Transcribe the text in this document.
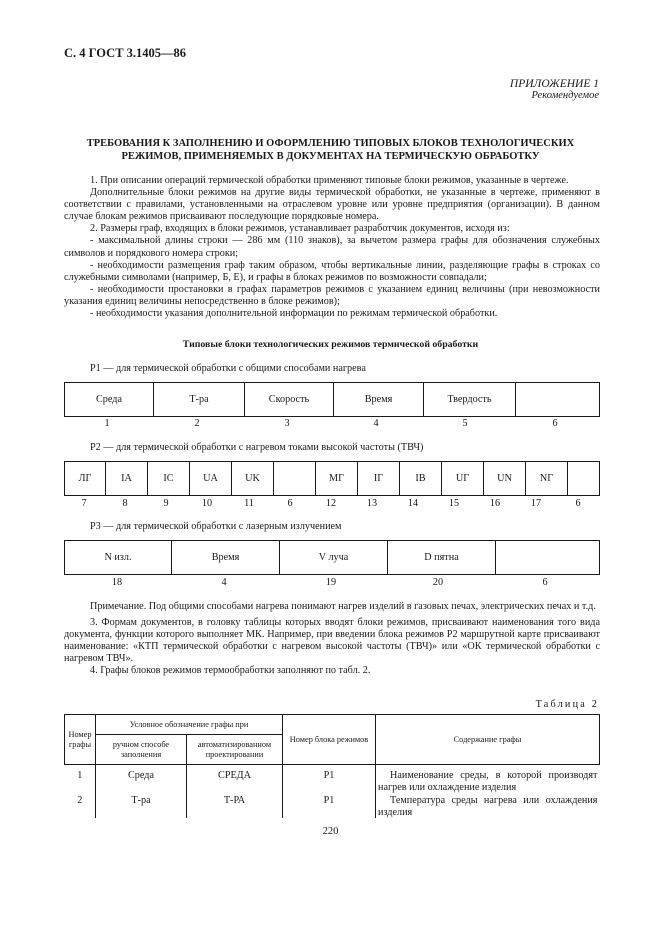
С. 4 ГОСТ 3.1405—86
ПРИЛОЖЕНИЕ 1
Рекомендуемое
ТРЕБОВАНИЯ К ЗАПОЛНЕНИЮ И ОФОРМЛЕНИЮ ТИПОВЫХ БЛОКОВ ТЕХНОЛОГИЧЕСКИХ РЕЖИМОВ, ПРИМЕНЯЕМЫХ В ДОКУМЕНТАХ НА ТЕРМИЧЕСКУЮ ОБРАБОТКУ

1. При описании операций термической обработки применяют типовые блоки режимов, указанные в чертеже.

Дополнительные блоки режимов на другие виды термической обработки, не указанные в чертеже, применяют в соответствии с правилами, установленными на отраслевом уровне или уровне предприятия (организации). В данном случае блокам режимов присваивают последующие порядковые номера.

2. Размеры граф, входящих в блоки режимов, устанавливает разработчик документов, исходя из:

- максимальной длины строки — 286 мм (110 знаков), за вычетом размера графы для обозначения служебных символов и порядкового номера строки;

- необходимости размещения граф таким образом, чтобы вертикальные линии, разделяющие графы в строках со служебными символами (например, Б, Е), и графы в блоках режимов по возможности совпадали;

- необходимости простановки в графах параметров режимов с указанием единиц величины (при невозможности указания единиц величины непосредственно в блоке режимов);

- необходимости указания дополнительной информации по режимам термической обработки.

Типовые блоки технологических режимов термической обработки
Р1 — для термической обработки с общими способами нагрева
Среда	Т-ра	Скорость	Время	Твердость	
1	2	3	4	5	6
Р2 — для термической обработки с нагревом токами высокой частоты (ТВЧ)
ЛГ	IA	IC	UA	UK		МГ	IГ	IB	UГ	UN	NГ	
7	8	9	10	11	6	12	13	14	15	16	17	6
Р3 — для термической обработки с лазерным излучением
N изл.	Время	V луча	D пятна	
18	4	19	20	6

Примечание. Под общими способами нагрева понимают нагрев изделий в газовых печах, электрических печах и т.д.

3. Формам документов, в головку таблицы которых вводят блоки режимов, присваивают наименования того вида документа, функции которого выполняет МК. Например, при введении блока режимов Р2 маршрутной карте присваивают наименование: «КТП термической обработки с нагревом высокой частоты (ТВЧ)» или «ОК термической обработки с нагревом ТВЧ».

4. Графы блоков режимов термообработки заполняют по табл. 2.

Таблица 2
Номер графы	Условное обозначение графы при		Номер блока режимов	Содержание графы
	ручном способе заполнения	автоматизированном проектировании		
1	Среда	СРЕДА	Р1	Наименование среды, в которой производят нагрев или охлаждение изделия
2	Т-ра	Т-РА	Р1	Температура среды нагрева или охлаждения изделия
220
